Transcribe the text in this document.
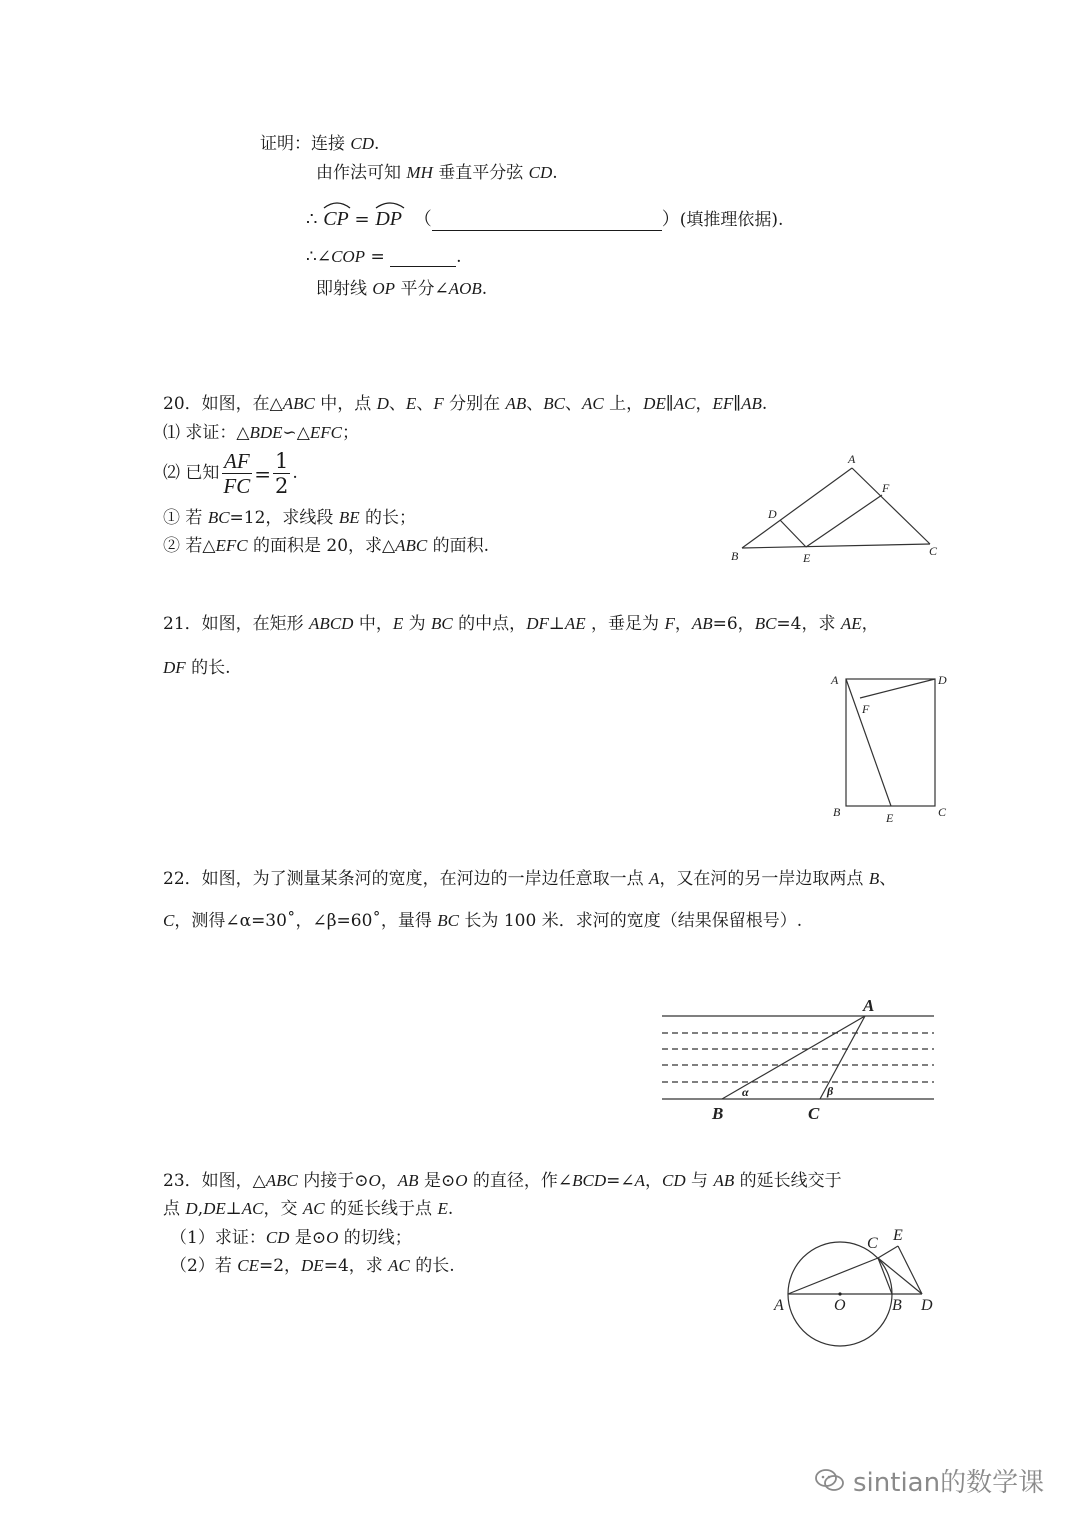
证明：连接 CD.
由作法可知 MH 垂直平分弦 CD.
∴ CP = DP （	）(填推理依据).
∴∠COP =	.
即射线 OP 平分∠AOB.
20．如图，在△ABC 中，点 D、E、F 分别在 AB、BC、AC 上，DE∥AC，EF∥AB.
⑴ 求证：△BDE∽△EFC；
⑵ 已知 $\frac{AF}{FC} = \frac{1}{2}$ .
① 若 BC=12，求线段 BE 的长；
② 若△EFC 的面积是 20，求△ABC 的面积.
A
B	C
D
E
F
21．如图，在矩形 ABCD 中，E 为 BC 的中点，DF⊥AE ，垂足为 F，AB=6，BC=4，求 AE，
DF 的长.
A	D
F
B	E	C
22．如图，为了测量某条河的宽度，在河边的一岸边任意取一点 A，又在河的另一岸边取两点 B、
C，测得∠α=30˚，∠β=60˚，量得 BC 长为 100 米．求河的宽度（结果保留根号）.
A
B	C
α	β
23．如图，△ABC 内接于⊙O，AB 是⊙O 的直径，作∠BCD=∠A，CD 与 AB 的延长线交于
点 D,DE⊥AC，交 AC 的延长线于点 E.
（1）求证：CD 是⊙O 的切线；
（2）若 CE=2，DE=4，求 AC 的长.
A	O	B D
C E
sintian的数学课
